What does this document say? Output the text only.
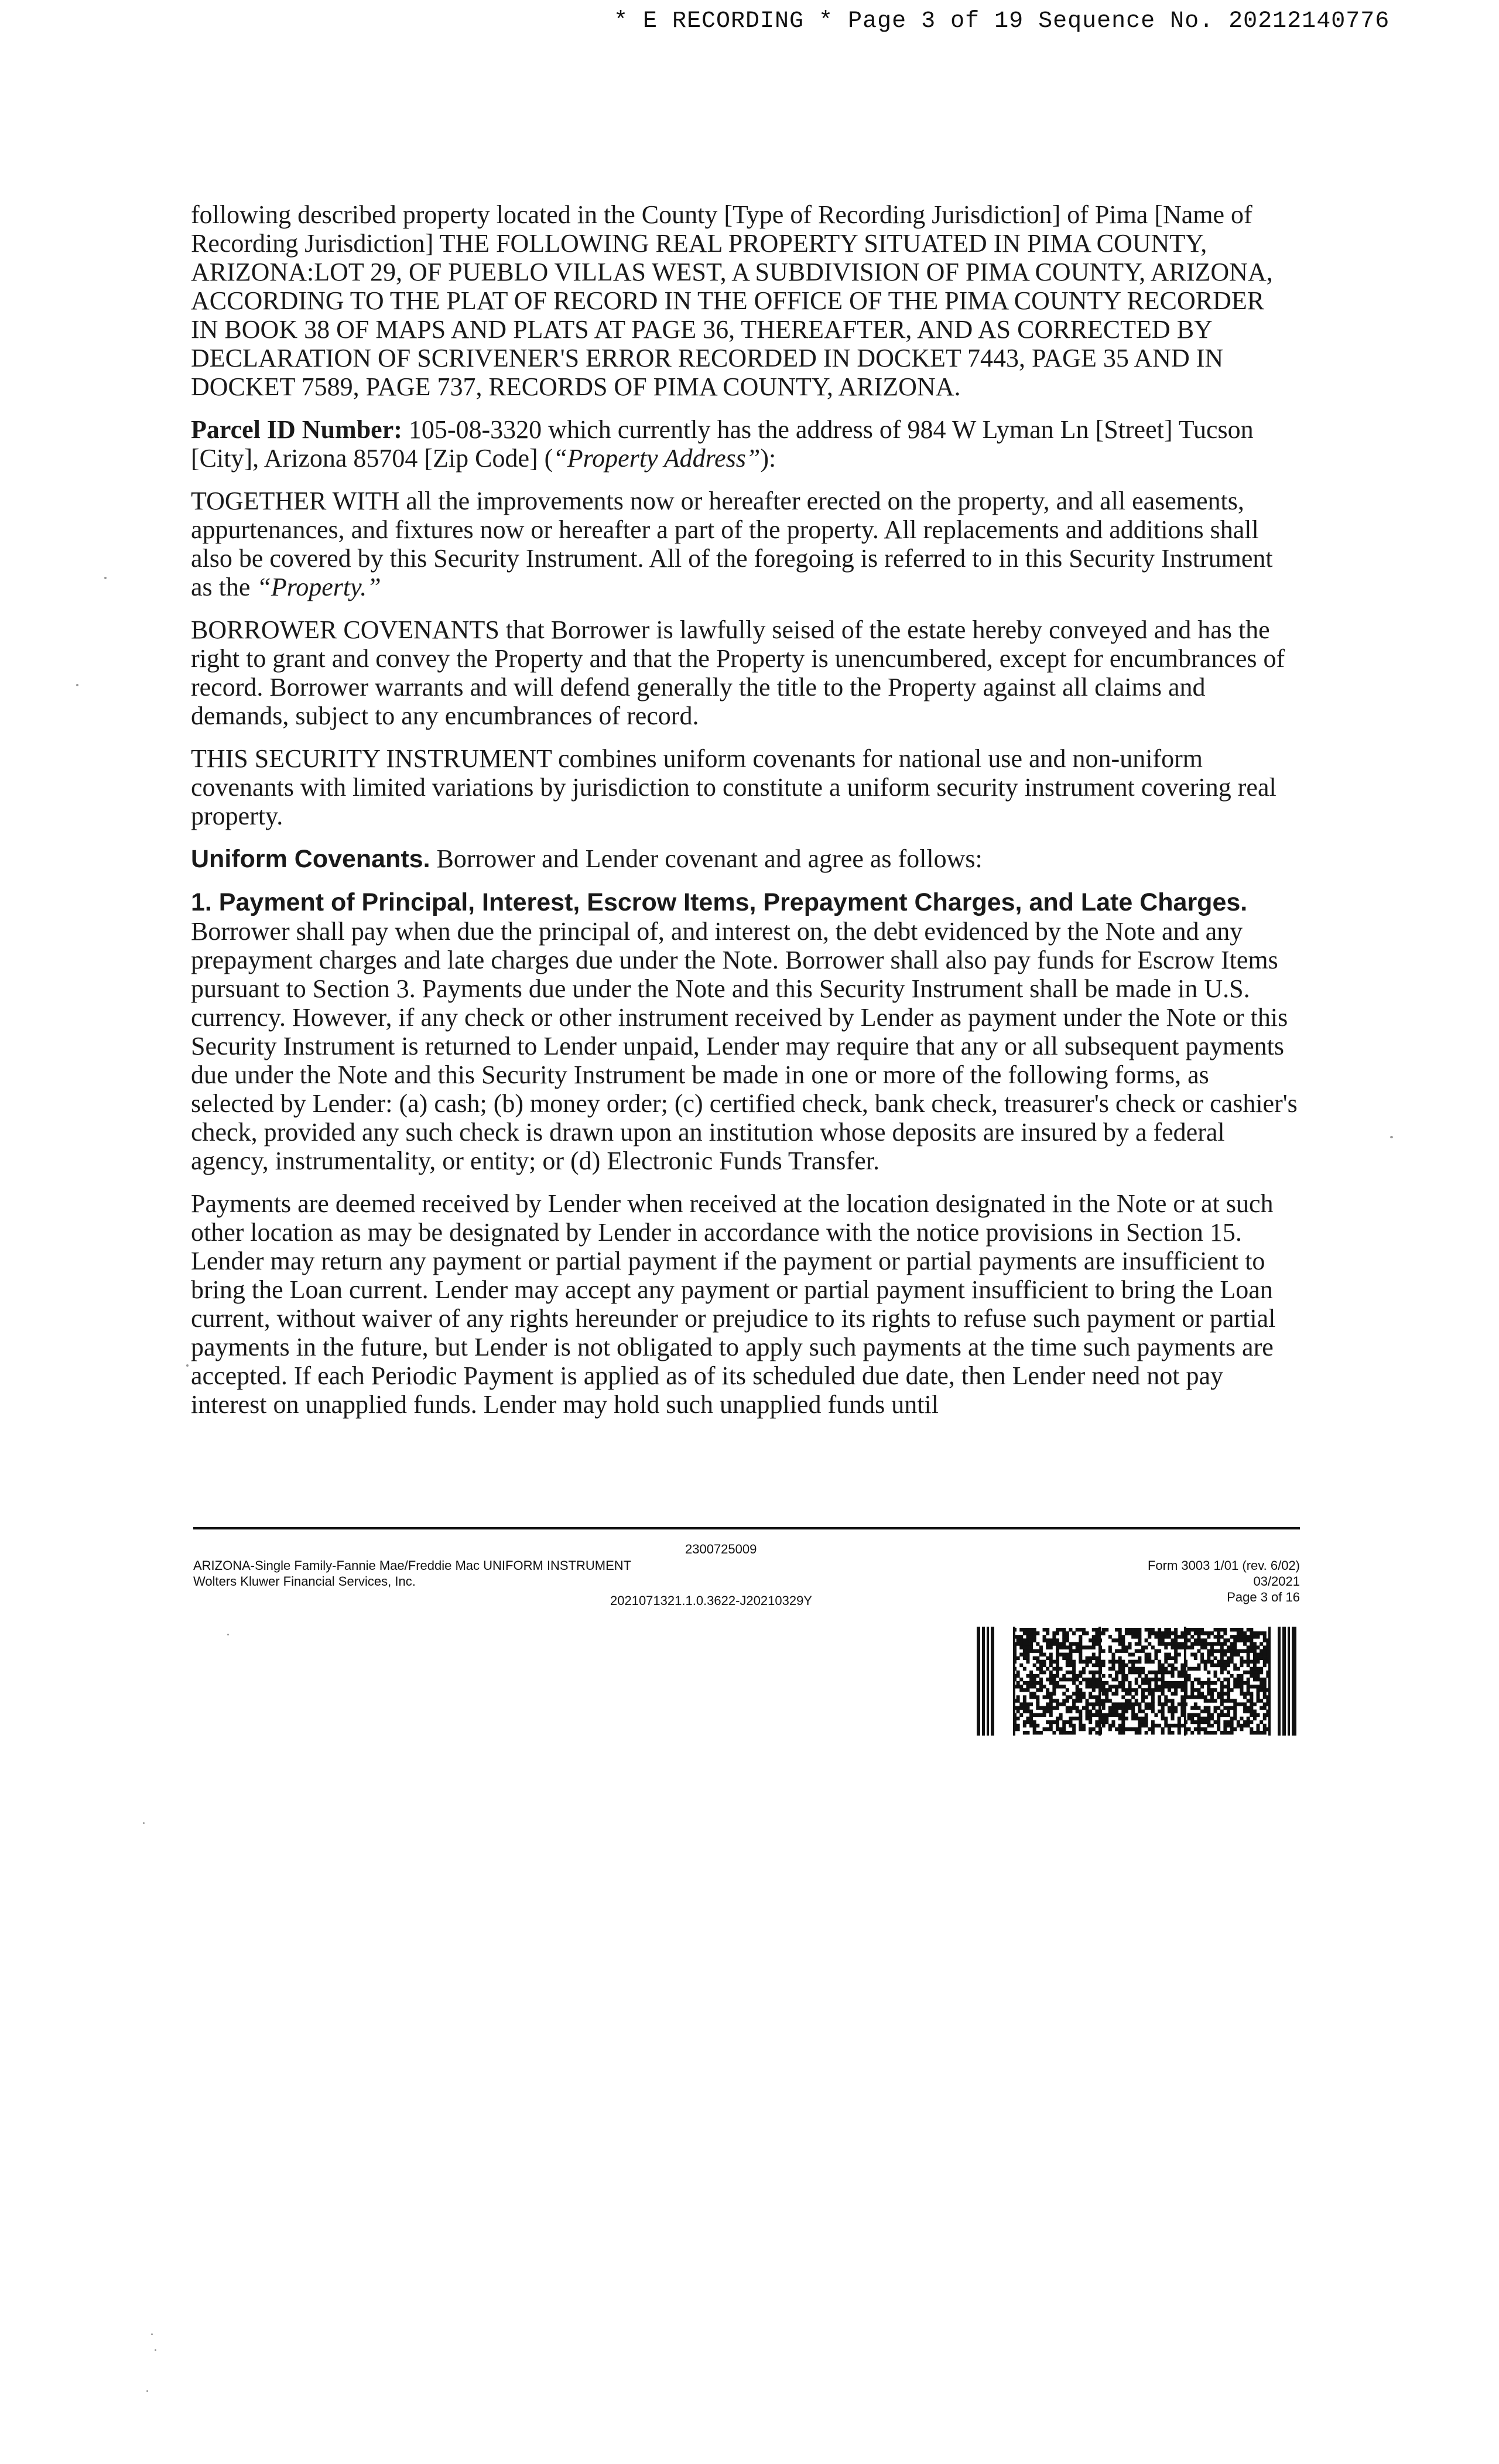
* E RECORDING * Page 3 of 19 Sequence No. 20212140776

following described property located in the County [Type of Recording Jurisdiction] of Pima [Name of Recording Jurisdiction] THE FOLLOWING REAL PROPERTY SITUATED IN PIMA COUNTY, ARIZONA:LOT 29, OF PUEBLO VILLAS WEST, A SUBDIVISION OF PIMA COUNTY, ARIZONA, ACCORDING TO THE PLAT OF RECORD IN THE OFFICE OF THE PIMA COUNTY RECORDER IN BOOK 38 OF MAPS AND PLATS AT PAGE 36, THEREAFTER, AND AS CORRECTED BY DECLARATION OF SCRIVENER'S ERROR RECORDED IN DOCKET 7443, PAGE 35 AND IN DOCKET 7589, PAGE 737, RECORDS OF PIMA COUNTY, ARIZONA.

Parcel ID Number: 105-08-3320 which currently has the address of 984 W Lyman Ln [Street] Tucson [City], Arizona 85704 [Zip Code] (“Property Address”):

TOGETHER WITH all the improvements now or hereafter erected on the property, and all easements, appurtenances, and fixtures now or hereafter a part of the property. All replacements and additions shall also be covered by this Security Instrument. All of the foregoing is referred to in this Security Instrument as the “Property.”

BORROWER COVENANTS that Borrower is lawfully seised of the estate hereby conveyed and has the right to grant and convey the Property and that the Property is unencumbered, except for encumbrances of record. Borrower warrants and will defend generally the title to the Property against all claims and demands, subject to any encumbrances of record.

THIS SECURITY INSTRUMENT combines uniform covenants for national use and non-uniform covenants with limited variations by jurisdiction to constitute a uniform security instrument covering real property.

Uniform Covenants. Borrower and Lender covenant and agree as follows:

1. Payment of Principal, Interest, Escrow Items, Prepayment Charges, and Late Charges. Borrower shall pay when due the principal of, and interest on, the debt evidenced by the Note and any prepayment charges and late charges due under the Note. Borrower shall also pay funds for Escrow Items pursuant to Section 3. Payments due under the Note and this Security Instrument shall be made in U.S. currency. However, if any check or other instrument received by Lender as payment under the Note or this Security Instrument is returned to Lender unpaid, Lender may require that any or all subsequent payments due under the Note and this Security Instrument be made in one or more of the following forms, as selected by Lender: (a) cash; (b) money order; (c) certified check, bank check, treasurer's check or cashier's check, provided any such check is drawn upon an institution whose deposits are insured by a federal agency, instrumentality, or entity; or (d) Electronic Funds Transfer.

Payments are deemed received by Lender when received at the location designated in the Note or at such other location as may be designated by Lender in accordance with the notice provisions in Section 15. Lender may return any payment or partial payment if the payment or partial payments are insufficient to bring the Loan current. Lender may accept any payment or partial payment insufficient to bring the Loan current, without waiver of any rights hereunder or prejudice to its rights to refuse such payment or partial payments in the future, but Lender is not obligated to apply such payments at the time such payments are accepted. If each Periodic Payment is applied as of its scheduled due date, then Lender need not pay interest on unapplied funds. Lender may hold such unapplied funds until

2300725009
ARIZONA-Single Family-Fannie Mae/Freddie Mac UNIFORM INSTRUMENT
Wolters Kluwer Financial Services, Inc.
2021071321.1.0.3622-J20210329Y
Form 3003 1/01 (rev. 6/02)
03/2021
Page 3 of 16
